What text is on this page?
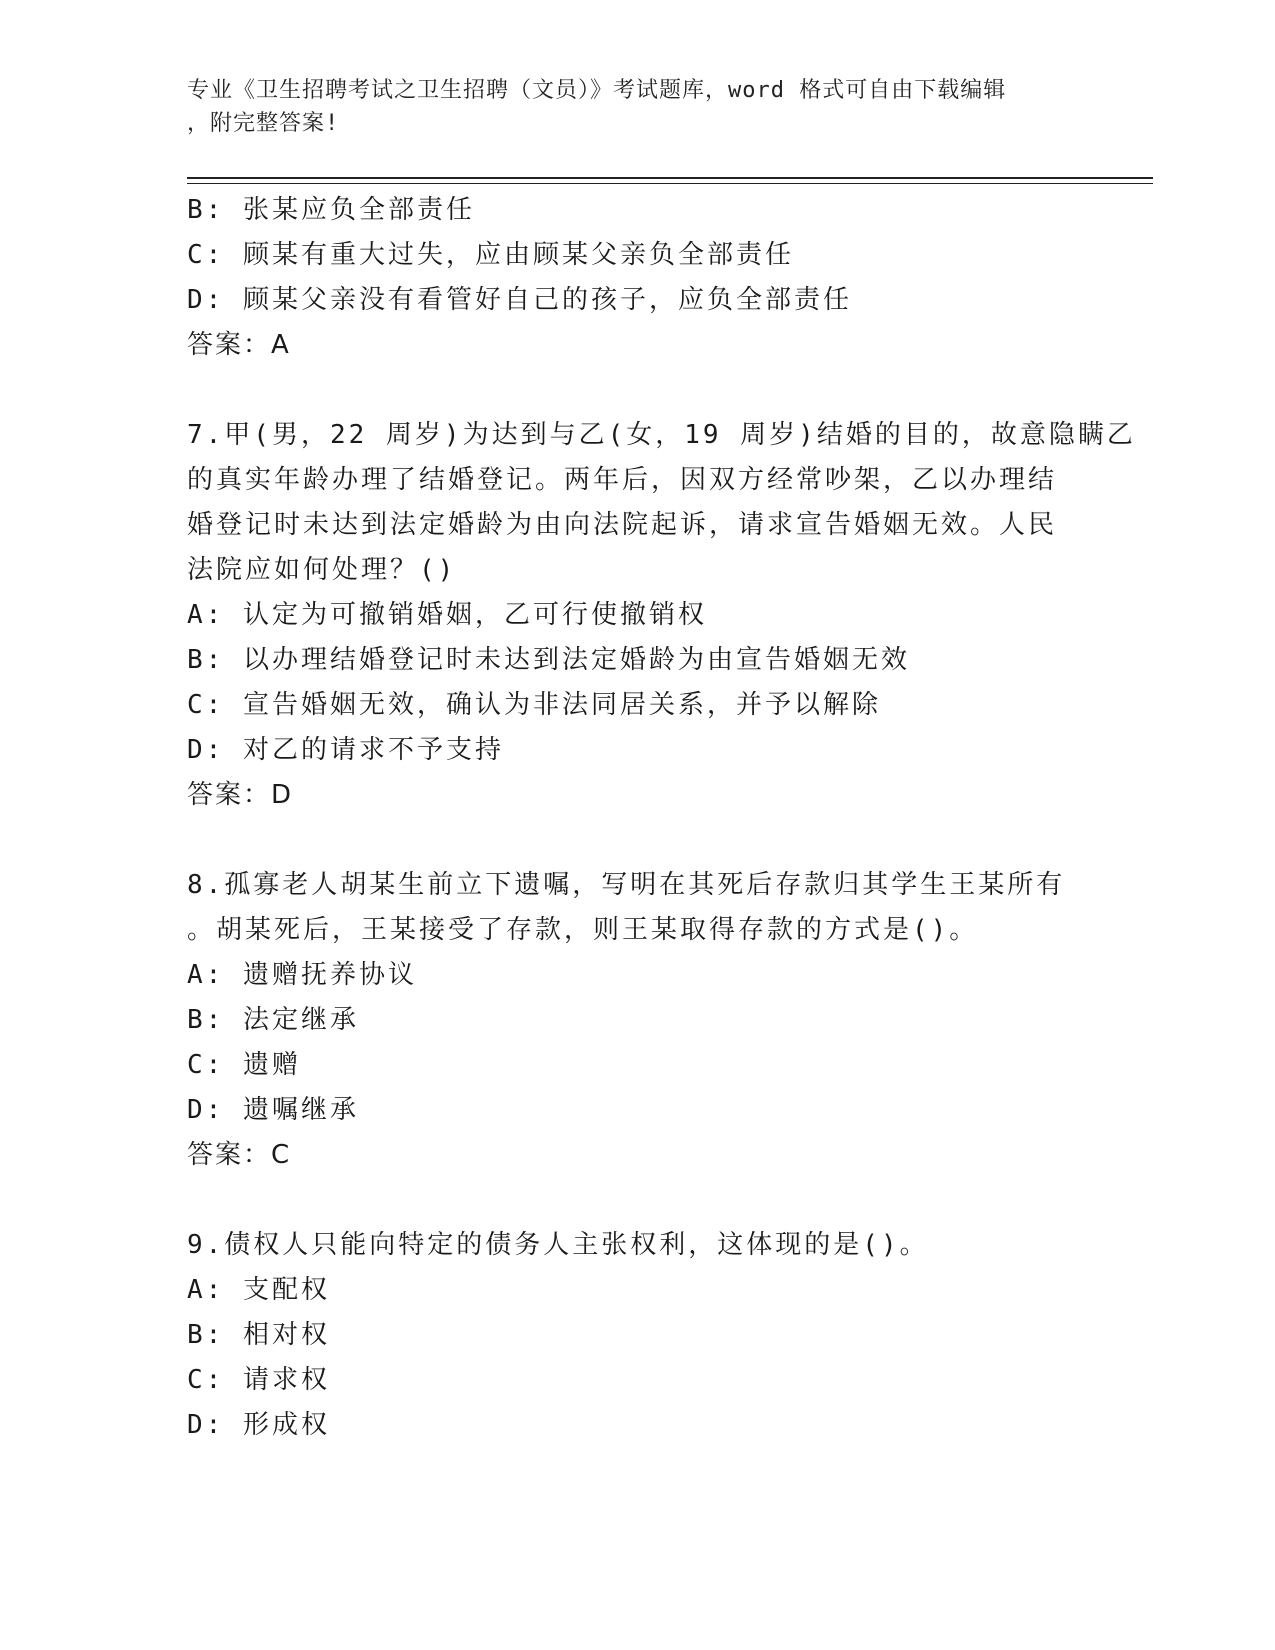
专业《卫生招聘考试之卫生招聘（文员）》考试题库，word 格式可自由下载编辑
，附完整答案!
B: 张某应负全部责任
C: 顾某有重大过失，应由顾某父亲负全部责任
D: 顾某父亲没有看管好自己的孩子，应负全部责任
答案：A
7.甲(男，22 周岁)为达到与乙(女，19 周岁)结婚的目的，故意隐瞒乙
的真实年龄办理了结婚登记。两年后，因双方经常吵架，乙以办理结
婚登记时未达到法定婚龄为由向法院起诉，请求宣告婚姻无效。人民
法院应如何处理？()
A: 认定为可撤销婚姻，乙可行使撤销权
B: 以办理结婚登记时未达到法定婚龄为由宣告婚姻无效
C: 宣告婚姻无效，确认为非法同居关系，并予以解除
D: 对乙的请求不予支持
答案：D
8.孤寡老人胡某生前立下遗嘱，写明在其死后存款归其学生王某所有
。胡某死后，王某接受了存款，则王某取得存款的方式是()。
A: 遗赠抚养协议
B: 法定继承
C: 遗赠
D: 遗嘱继承
答案：C
9.债权人只能向特定的债务人主张权利，这体现的是()。
A: 支配权
B: 相对权
C: 请求权
D: 形成权
